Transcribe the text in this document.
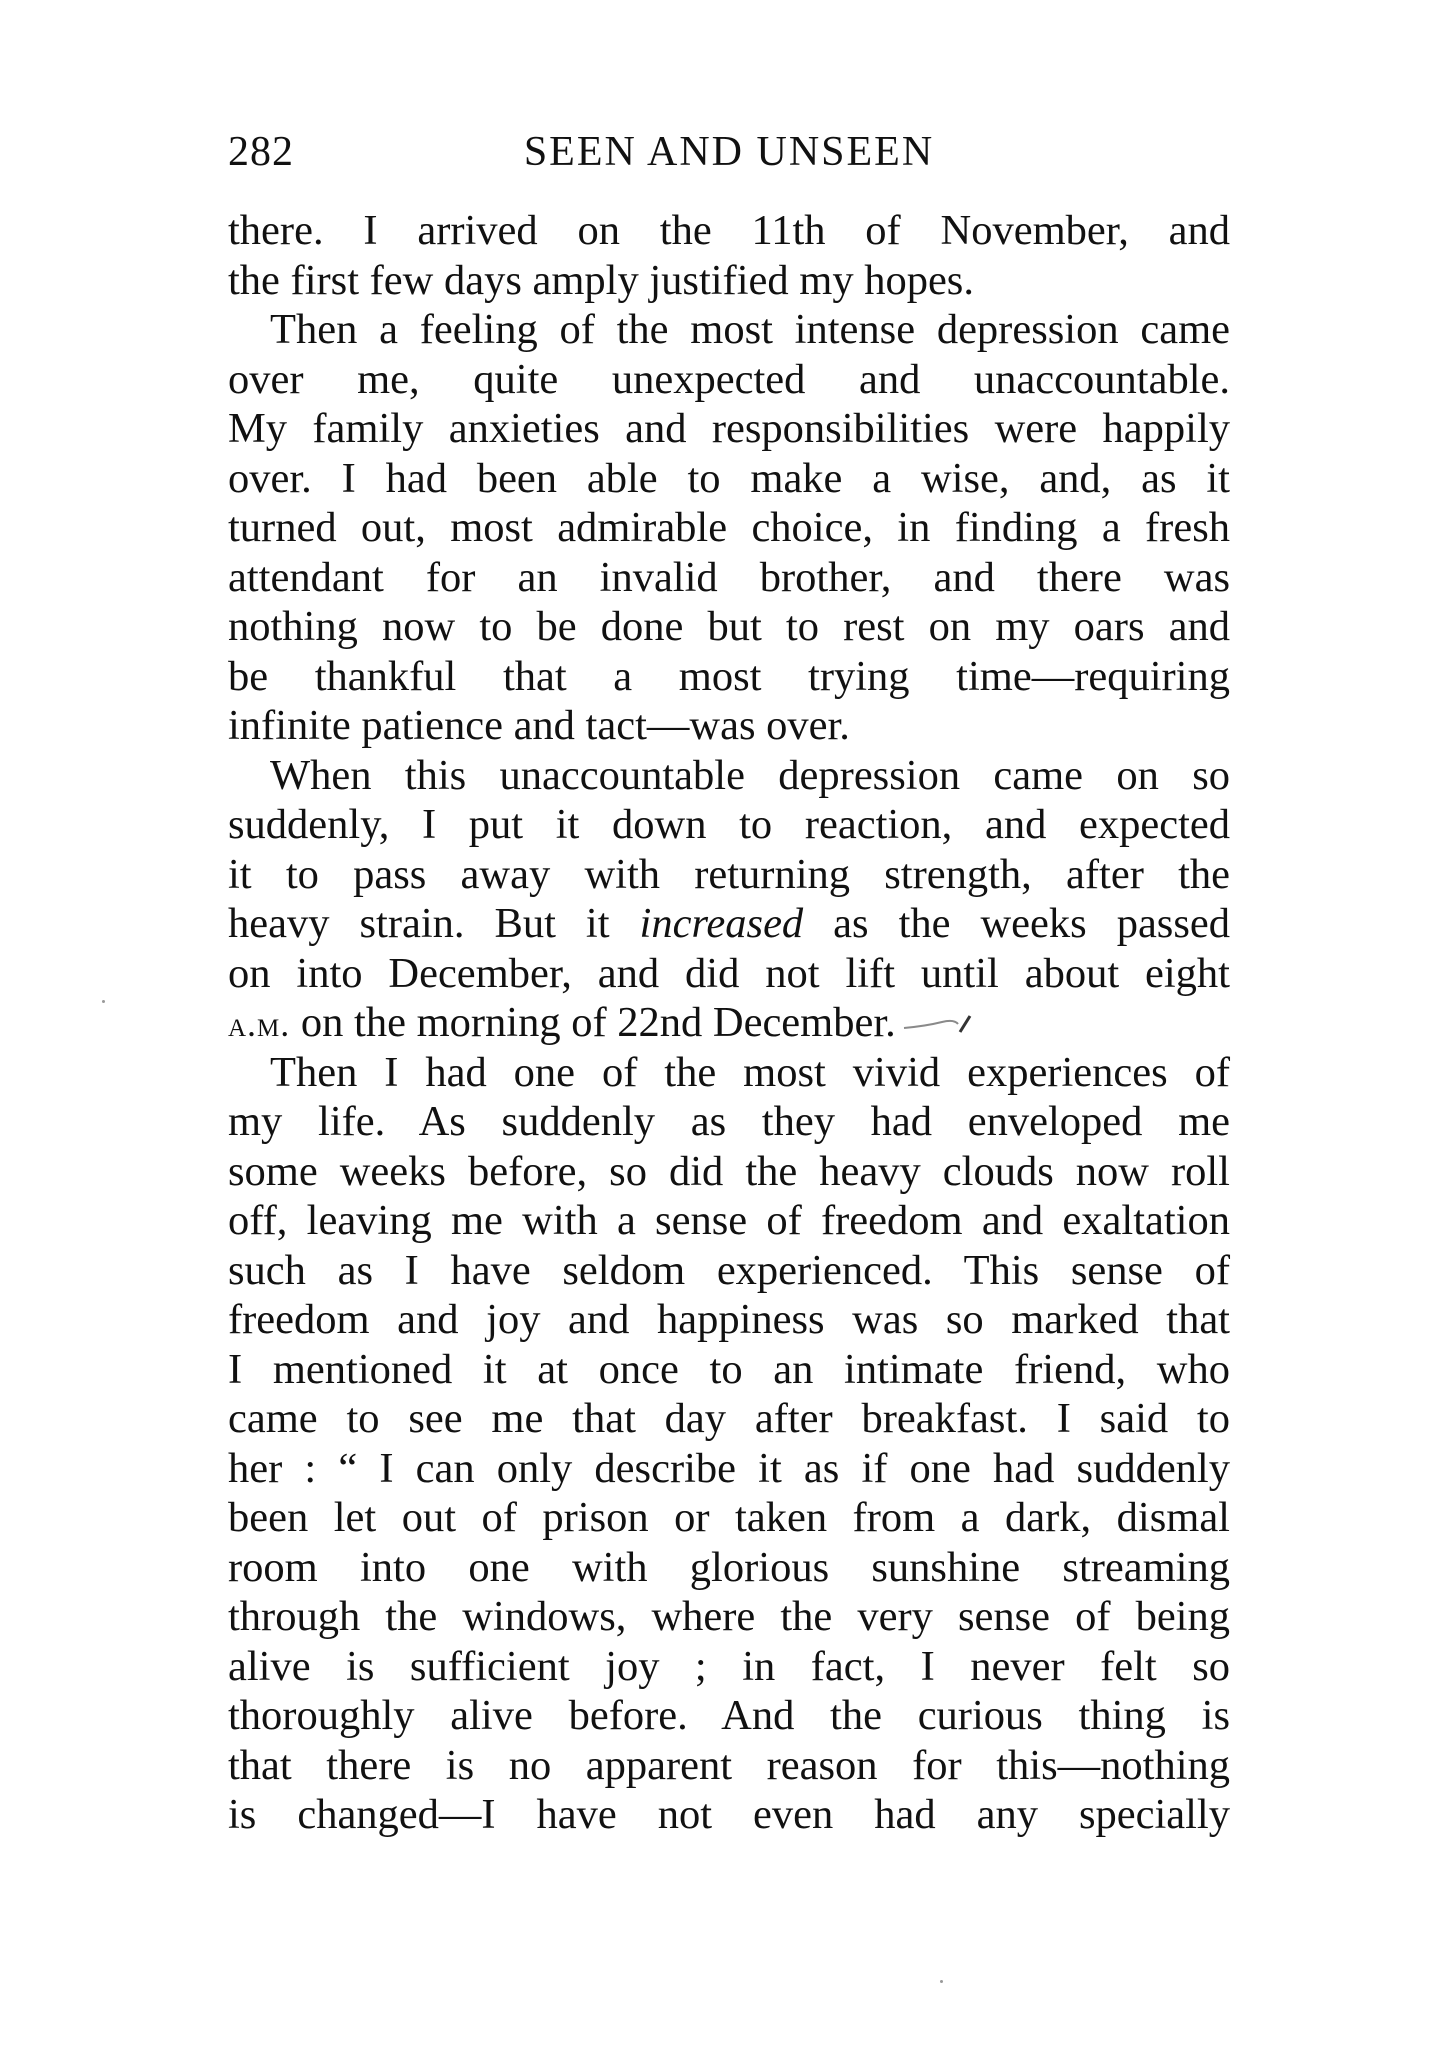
282	SEEN AND UNSEEN
there. I arrived on the 11th of November, and
the first few days amply justified my hopes.
Then a feeling of the most intense depression came
over me, quite unexpected and unaccountable.
My family anxieties and responsibilities were happily
over. I had been able to make a wise, and, as it
turned out, most admirable choice, in finding a fresh
attendant for an invalid brother, and there was
nothing now to be done but to rest on my oars and
be thankful that a most trying time—requiring
infinite patience and tact—was over.
When this unaccountable depression came on so
suddenly, I put it down to reaction, and expected
it to pass away with returning strength, after the
heavy strain. But it increased as the weeks passed
on into December, and did not lift until about eight
a.m. on the morning of 22nd December.
Then I had one of the most vivid experiences of
my life. As suddenly as they had enveloped me
some weeks before, so did the heavy clouds now roll
off, leaving me with a sense of freedom and exaltation
such as I have seldom experienced. This sense of
freedom and joy and happiness was so marked that
I mentioned it at once to an intimate friend, who
came to see me that day after breakfast. I said to
her : “ I can only describe it as if one had suddenly
been let out of prison or taken from a dark, dismal
room into one with glorious sunshine streaming
through the windows, where the very sense of being
alive is sufficient joy ; in fact, I never felt so
thoroughly alive before. And the curious thing is
that there is no apparent reason for this—nothing
is changed—I have not even had any specially
